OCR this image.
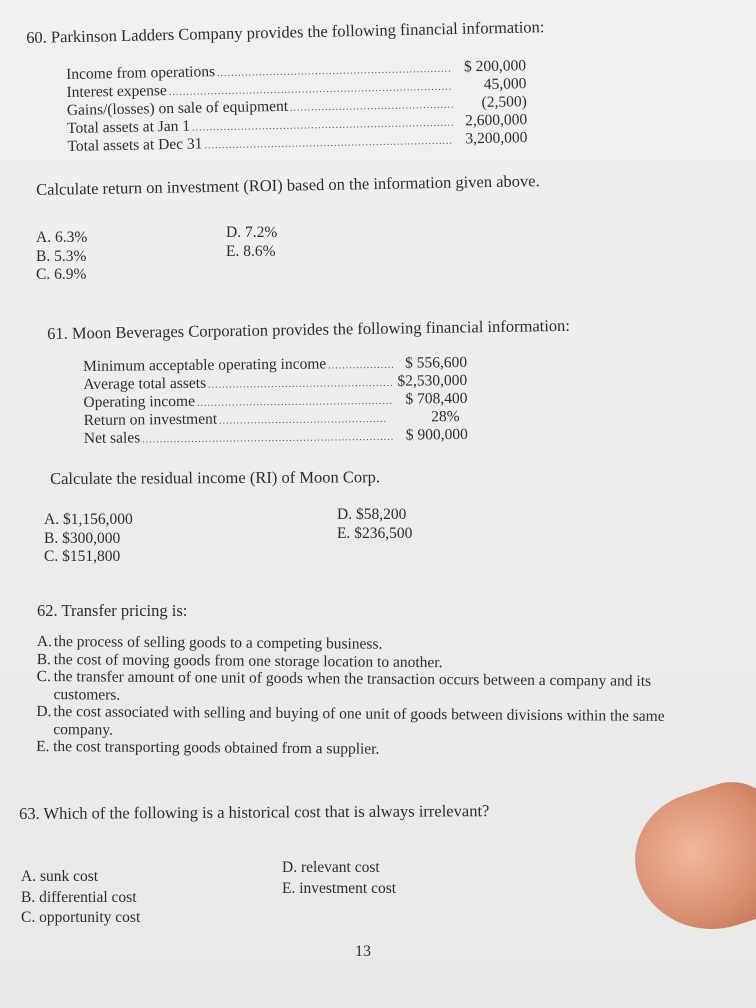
60. Parkinson Ladders Company provides the following financial information:
Income from operations .....	$ 200,000
Interest expense .....	45,000
Gains/(losses) on sale of equipment .....	(2,500)
Total assets at Jan 1 .....	2,600,000
Total assets at Dec 31 .....	3,200,000
Calculate return on investment (ROI) based on the information given above.
A. 6.3%
B. 5.3%
C. 6.9%
D. 7.2%
E. 8.6%
61. Moon Beverages Corporation provides the following financial information:
Minimum acceptable operating income .....	$ 556,600
Average total assets .....	$2,530,000
Operating income .....	$ 708,400
Return on investment .....	28%
Net sales .....	$ 900,000
Calculate the residual income (RI) of Moon Corp.
A. $1,156,000
B. $300,000
C. $151,800
D. $58,200
E. $236,500
62. Transfer pricing is:
A. the process of selling goods to a competing business.
B. the cost of moving goods from one storage location to another.
C. the transfer amount of one unit of goods when the transaction occurs between a company and its customers.
D. the cost associated with selling and buying of one unit of goods between divisions within the same company.
E. the cost transporting goods obtained from a supplier.
63. Which of the following is a historical cost that is always irrelevant?
A. sunk cost
B. differential cost
C. opportunity cost
D. relevant cost
E. investment cost
13
